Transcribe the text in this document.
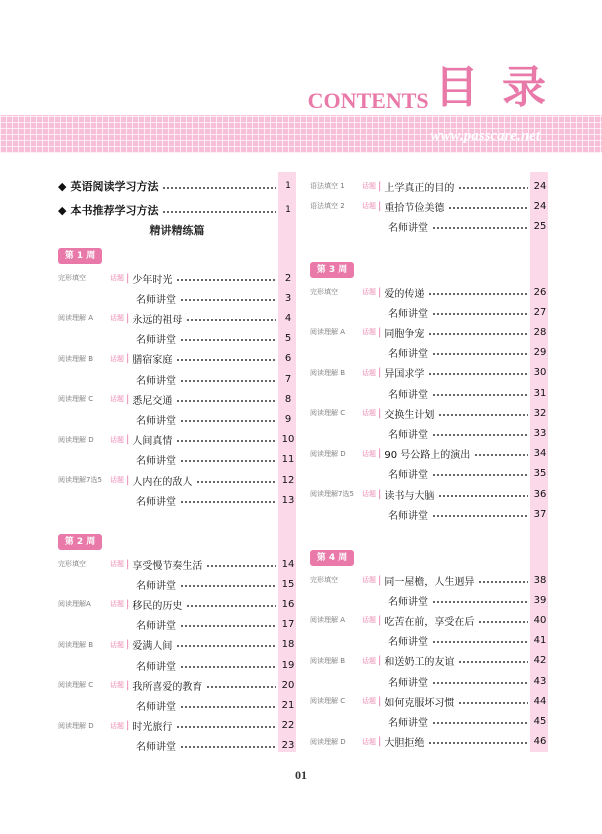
CONTENTS 目 录
www.passcare.net
◆ 英语阅读学习方法	1
◆ 本书推荐学习方法	1
精讲精练篇
第 1 周
完形填空	话题 | 少年时光	2
名师讲堂	3
阅读理解 A	话题 | 永远的祖母	4
名师讲堂	5
阅读理解 B	话题 | 膳宿家庭	6
名师讲堂	7
阅读理解 C	话题 | 悉尼交通	8
名师讲堂	9
阅读理解 D	话题 | 人间真情	10
名师讲堂	11
阅读理解7选5	话题 | 人内在的敌人	12
名师讲堂	13
第 2 周
完形填空	话题 | 享受慢节奏生活	14
名师讲堂	15
阅读理解A	话题 | 移民的历史	16
名师讲堂	17
阅读理解 B	话题 | 爱满人间	18
名师讲堂	19
阅读理解 C	话题 | 我所喜爱的教育	20
名师讲堂	21
阅读理解 D	话题 | 时光旅行	22
名师讲堂	23
语法填空 1	话题 | 上学真正的目的	24
语法填空 2	话题 | 重拾节俭美德	24
名师讲堂	25
第 3 周
完形填空	话题 | 爱的传递	26
名师讲堂	27
阅读理解 A	话题 | 同胞争宠	28
名师讲堂	29
阅读理解 B	话题 | 异国求学	30
名师讲堂	31
阅读理解 C	话题 | 交换生计划	32
名师讲堂	33
阅读理解 D	话题 | 90 号公路上的演出	34
名师讲堂	35
阅读理解7选5	话题 | 读书与大脑	36
名师讲堂	37
第 4 周
完形填空	话题 | 同一屋檐，人生迥异	38
名师讲堂	39
阅读理解 A	话题 | 吃苦在前，享受在后	40
名师讲堂	41
阅读理解 B	话题 | 和送奶工的友谊	42
名师讲堂	43
阅读理解 C	话题 | 如何克服坏习惯	44
名师讲堂	45
阅读理解 D	话题 | 大胆拒绝	46
01
